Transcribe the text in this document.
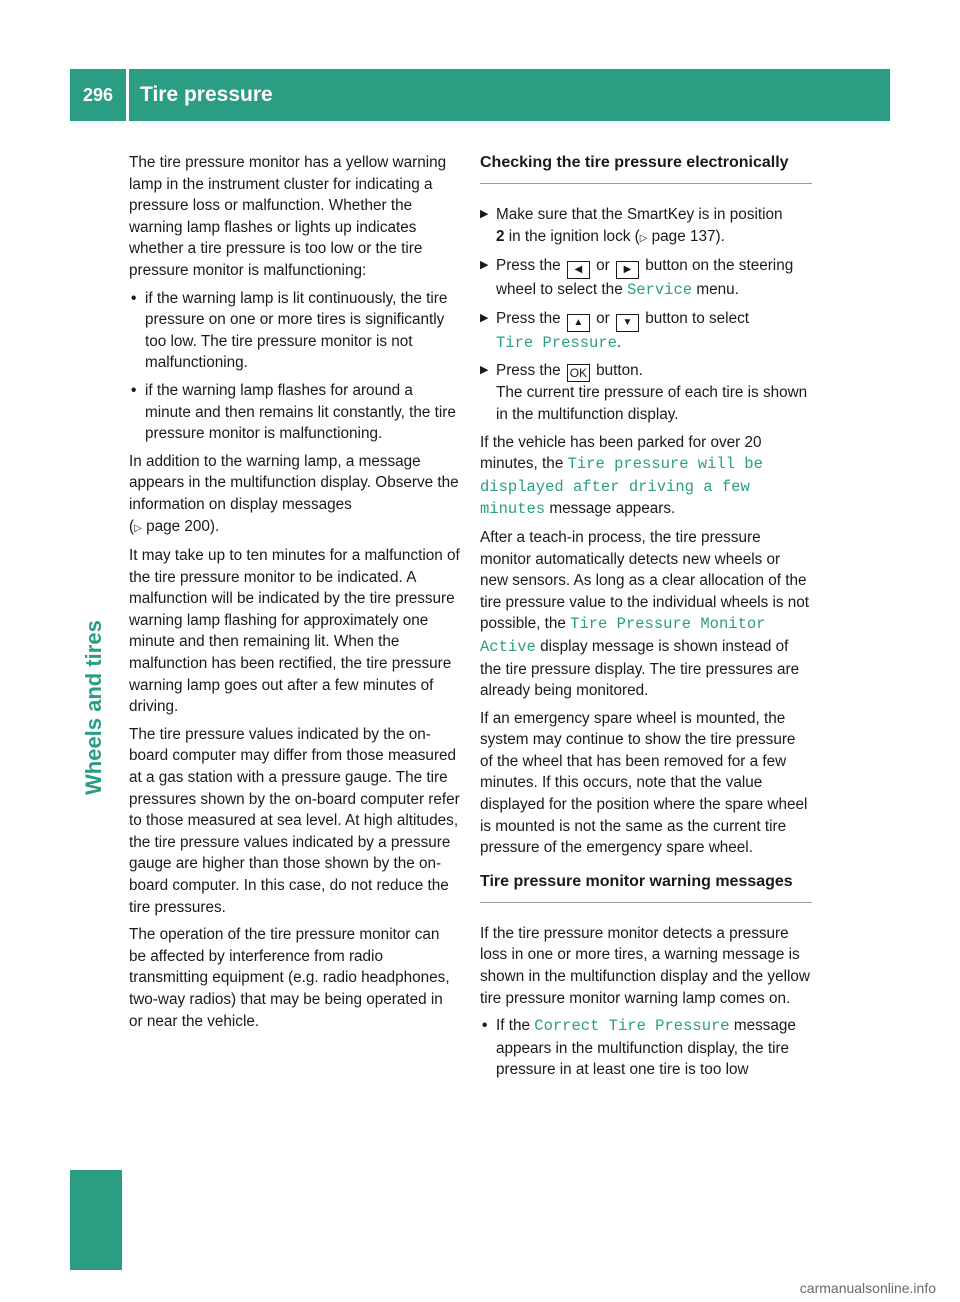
296	Tire pressure
Wheels and tires

The tire pressure monitor has a yellow warning lamp in the instrument cluster for indicating a pressure loss or malfunction. Whether the warning lamp flashes or lights up indicates whether a tire pressure is too low or the tire pressure monitor is malfunctioning:

• if the warning lamp is lit continuously, the tire pressure on one or more tires is significantly too low. The tire pressure monitor is not malfunctioning.
• if the warning lamp flashes for around a minute and then remains lit constantly, the tire pressure monitor is malfunctioning.

In addition to the warning lamp, a message appears in the multifunction display. Observe the information on display messages
(▷ page 200).

It may take up to ten minutes for a malfunction of the tire pressure monitor to be indicated. A malfunction will be indicated by the tire pressure warning lamp flashing for approximately one minute and then remaining lit. When the malfunction has been rectified, the tire pressure warning lamp goes out after a few minutes of driving.

The tire pressure values indicated by the on-board computer may differ from those measured at a gas station with a pressure gauge. The tire pressures shown by the on-board computer refer to those measured at sea level. At high altitudes, the tire pressure values indicated by a pressure gauge are higher than those shown by the on-board computer. In this case, do not reduce the tire pressures.

The operation of the tire pressure monitor can be affected by interference from radio transmitting equipment (e.g. radio headphones, two-way radios) that may be being operated in or near the vehicle.

Checking the tire pressure electronically
▶ Make sure that the SmartKey is in position
2 in the ignition lock (▷ page 137).
▶ Press the ◀ or ▶ button on the steering wheel to select the Service menu.
▶ Press the ▲ or ▼ button to select
Tire Pressure.
▶ Press the OK button.
The current tire pressure of each tire is shown in the multifunction display.

If the vehicle has been parked for over 20 minutes, the Tire pressure will be displayed after driving a few minutes message appears.

After a teach-in process, the tire pressure monitor automatically detects new wheels or new sensors. As long as a clear allocation of the tire pressure value to the individual wheels is not possible, the Tire Pressure Monitor Active display message is shown instead of the tire pressure display. The tire pressures are already being monitored.

If an emergency spare wheel is mounted, the system may continue to show the tire pressure of the wheel that has been removed for a few minutes. If this occurs, note that the value displayed for the position where the spare wheel is mounted is not the same as the current tire pressure of the emergency spare wheel.

Tire pressure monitor warning messages

If the tire pressure monitor detects a pressure loss in one or more tires, a warning message is shown in the multifunction display and the yellow tire pressure monitor warning lamp comes on.

• If the Correct Tire Pressure message appears in the multifunction display, the tire pressure in at least one tire is too low
carmanualsonline.info
